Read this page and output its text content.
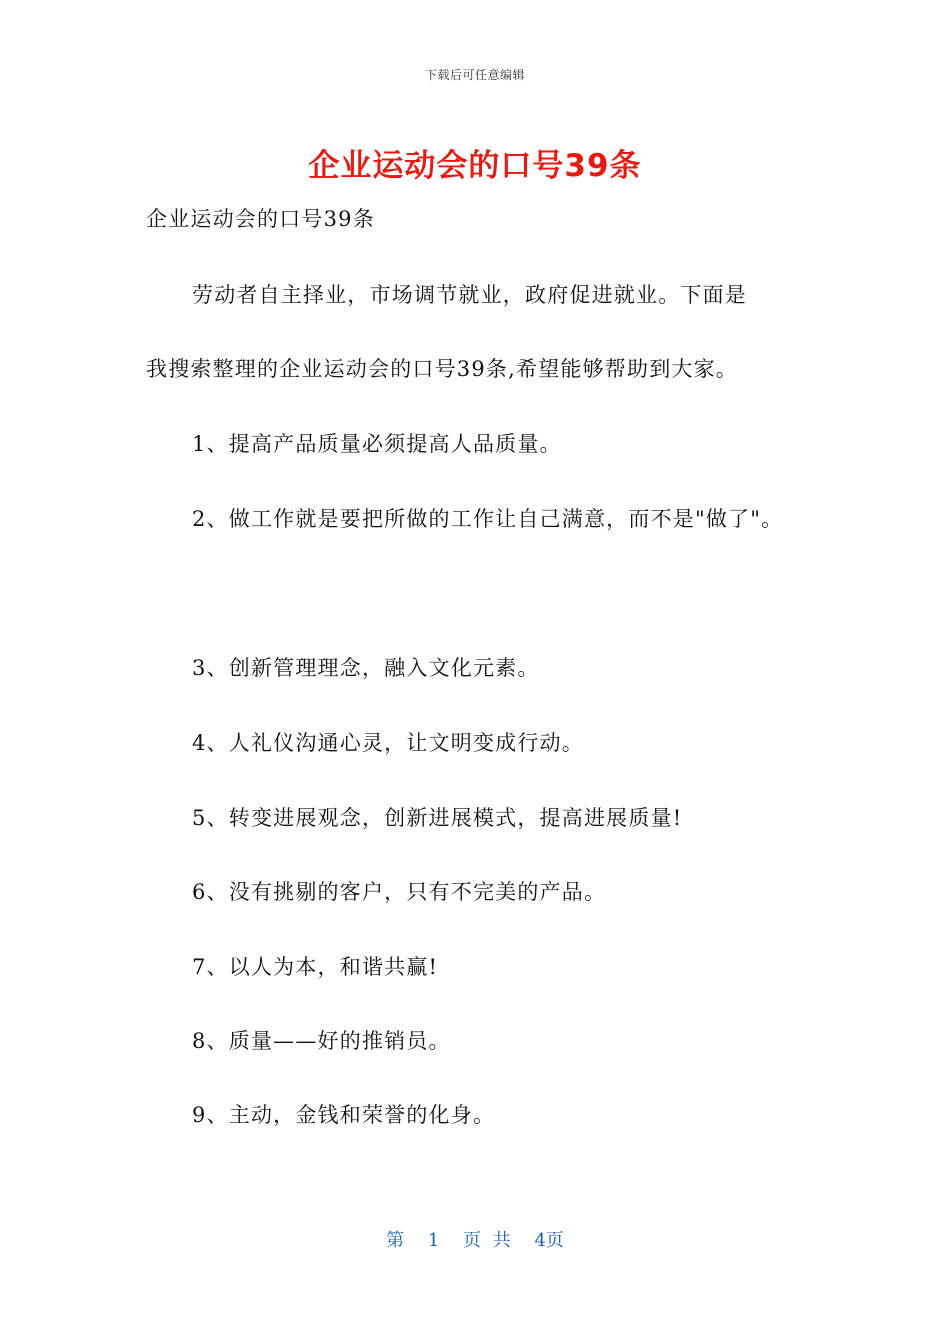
下载后可任意编辑
企业运动会的口号39条
企业运动会的口号39条
劳动者自主择业，市场调节就业，政府促进就业。下面是
我搜索整理的企业运动会的口号39条,希望能够帮助到大家。
1、提高产品质量必须提高人品质量。
2、做工作就是要把所做的工作让自己满意，而不是"做了"。
3、创新管理理念，融入文化元素。
4、人礼仪沟通心灵，让文明变成行动。
5、转变进展观念，创新进展模式，提高进展质量!
6、没有挑剔的客户，只有不完美的产品。
7、以人为本，和谐共赢!
8、质量——好的推销员。
9、主动，金钱和荣誉的化身。
第 1 页 共 4页
